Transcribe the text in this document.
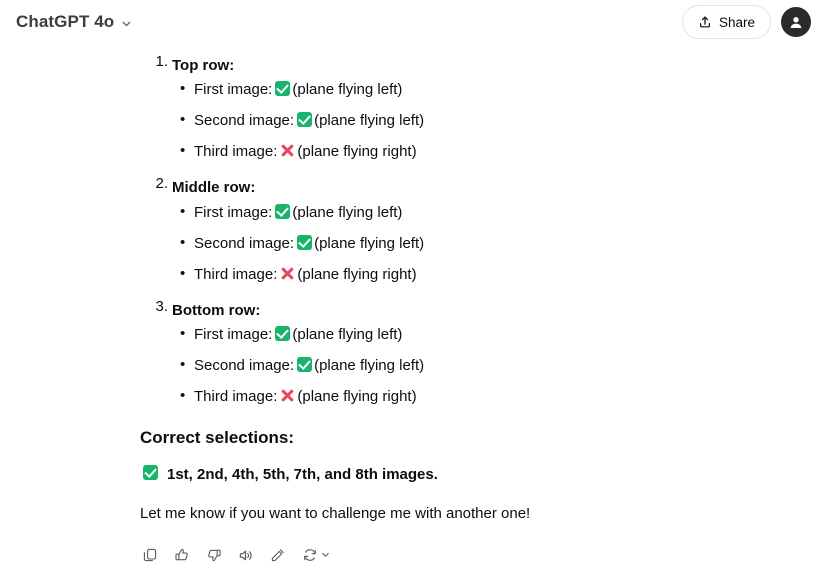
ChatGPT 4o	Share
Top row:
• First image: (plane flying left)
• Second image: (plane flying left)
• Third image: (plane flying right)
Middle row:
• First image: (plane flying left)
• Second image: (plane flying left)
• Third image: (plane flying right)
Bottom row:
• First image: (plane flying left)
• Second image: (plane flying left)
• Third image: (plane flying right)
Correct selections:
1st, 2nd, 4th, 5th, 7th, and 8th images.
Let me know if you want to challenge me with another one!
